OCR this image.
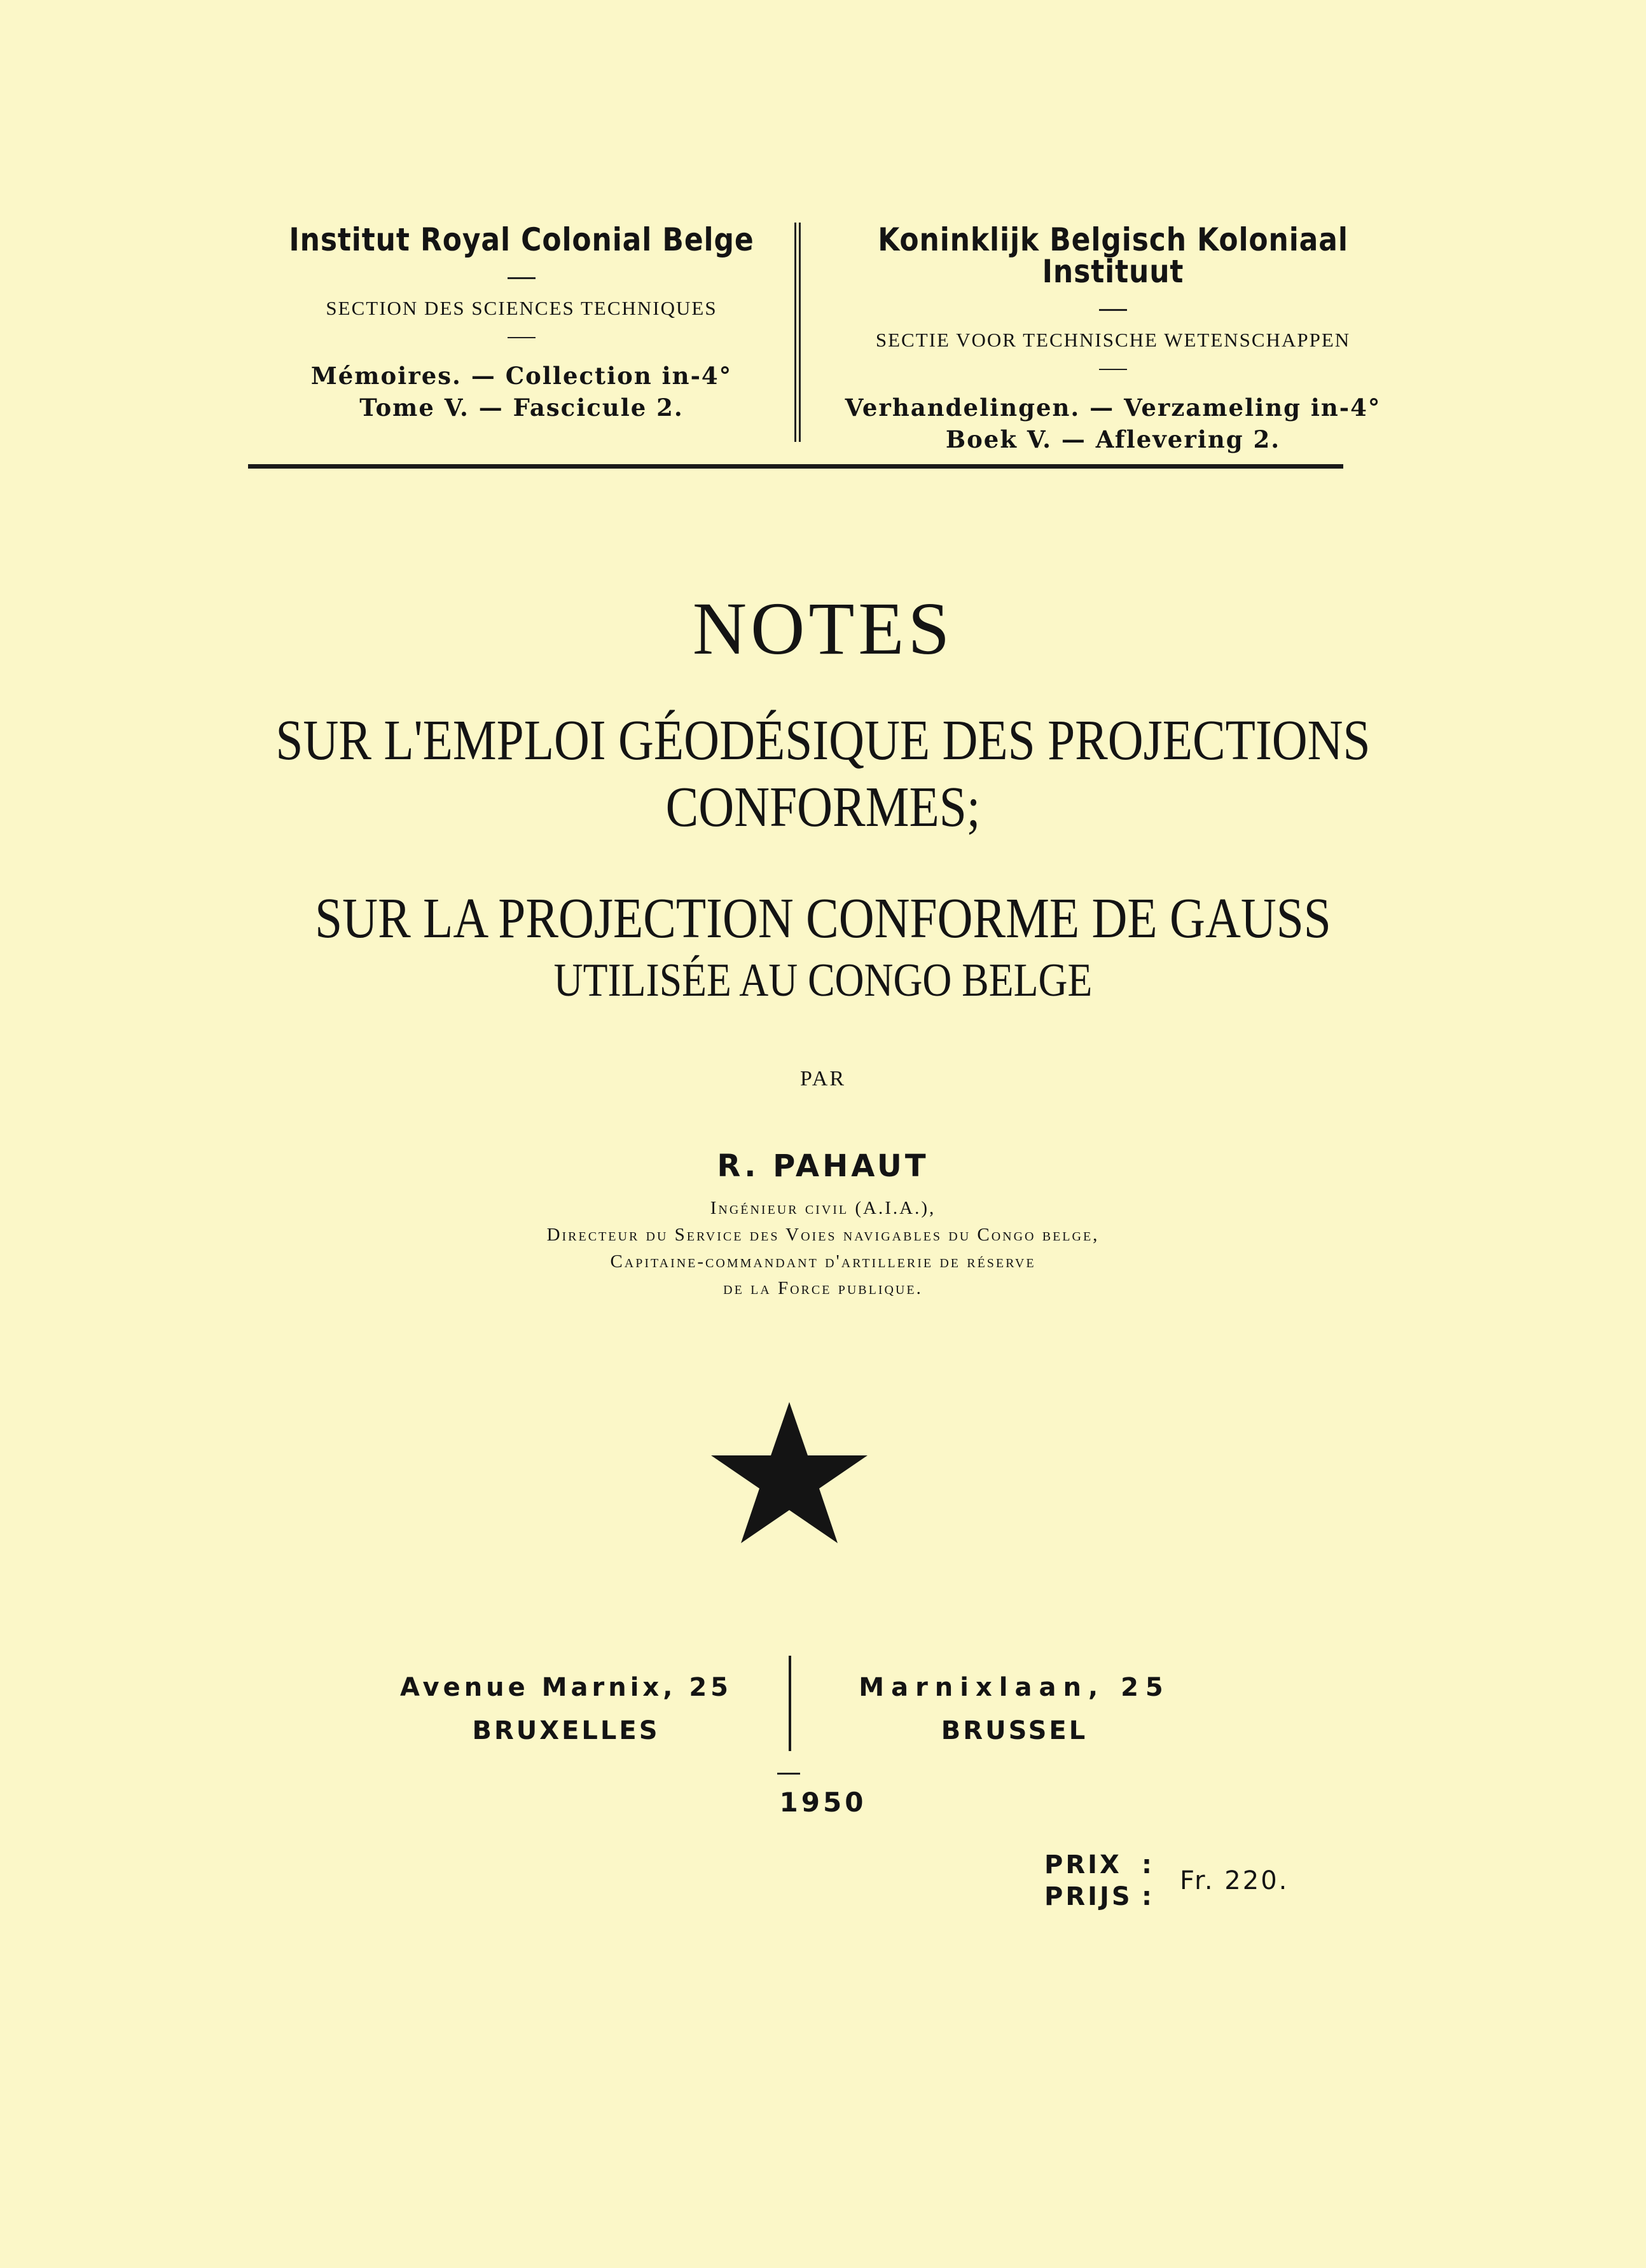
Institut Royal Colonial Belge
SECTION DES SCIENCES TECHNIQUES
Mémoires. — Collection in-4°
Tome V. — Fascicule 2.
Koninklijk Belgisch Koloniaal Instituut
SECTIE VOOR TECHNISCHE WETENSCHAPPEN
Verhandelingen. — Verzameling in-4°
Boek V. — Aflevering 2.
NOTES
SUR L'EMPLOI GÉODÉSIQUE DES PROJECTIONS
CONFORMES;
SUR LA PROJECTION CONFORME DE GAUSS
UTILISÉE AU CONGO BELGE
PAR
R. PAHAUT
Ingénieur civil (A.I.A.),
Directeur du Service des Voies navigables du Congo belge,
Capitaine-commandant d'artillerie de réserve
de la Force publique.
Avenue Marnix, 25
BRUXELLES
Marnixlaan, 25
BRUSSEL
1950
PRIX
PRIJS
:
:
Fr. 220.
